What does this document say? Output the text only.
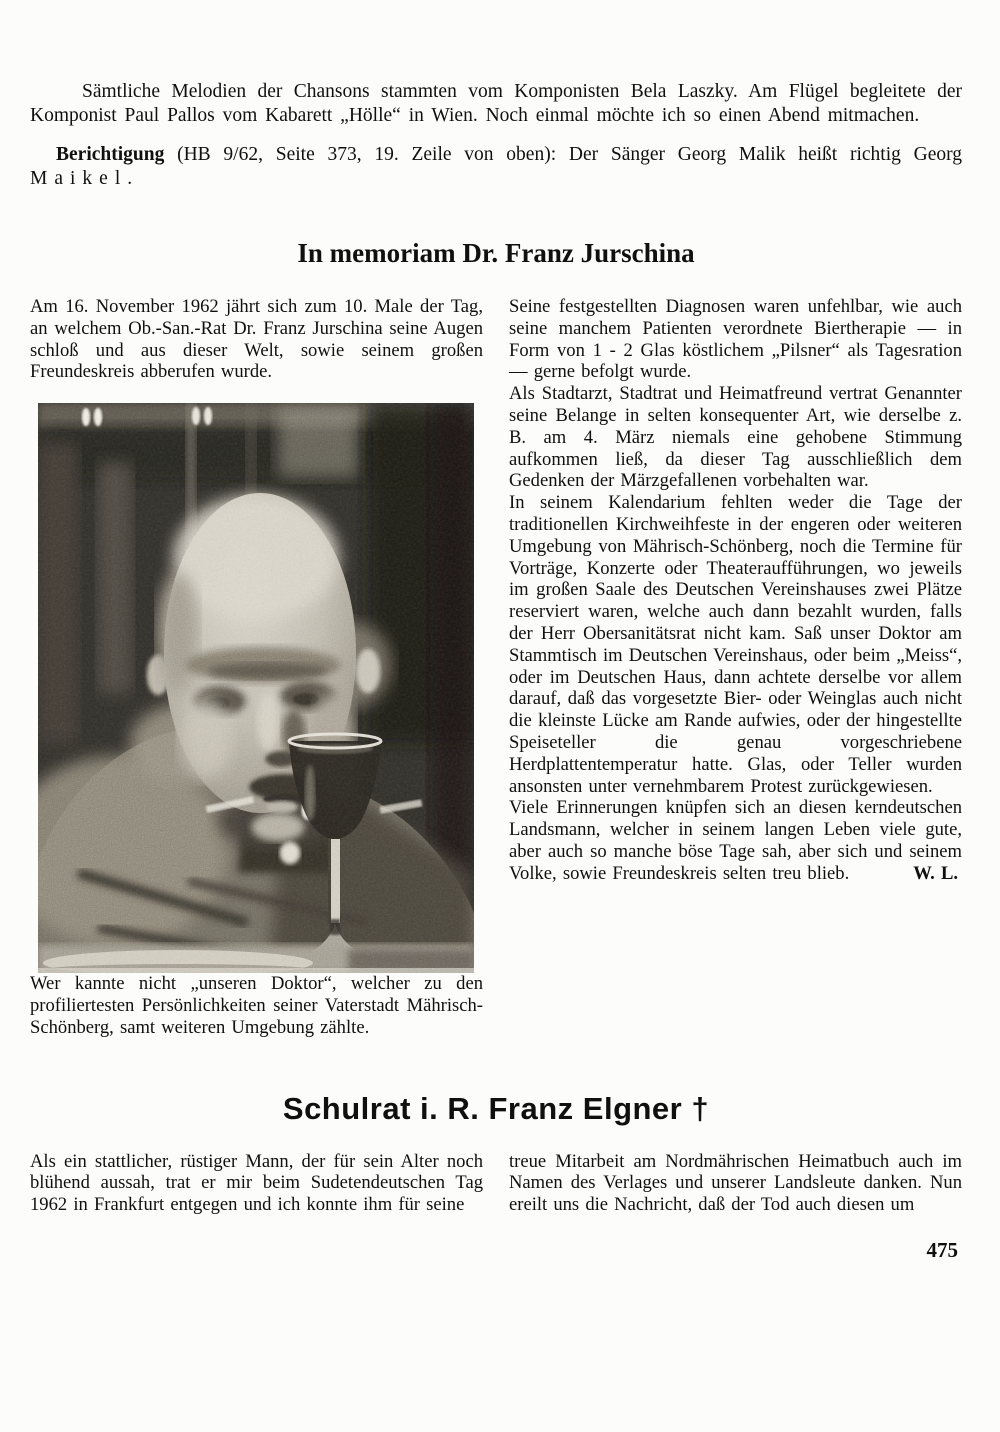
Sämtliche Melodien der Chansons stammten vom Komponisten Bela Laszky. Am Flügel begleitete der Komponist Paul Pallos vom Kabarett „Hölle“ in Wien. Noch einmal möchte ich so einen Abend mitmachen.

Berichtigung (HB 9/62, Seite 373, 19. Zeile von oben): Der Sänger Georg Malik heißt richtig Georg Maikel.

In memoriam Dr. Franz Jurschina

Am 16. November 1962 jährt sich zum 10. Male der Tag, an welchem Ob.-San.-Rat Dr. Franz Jurschina seine Augen schloß und aus dieser Welt, sowie seinem großen Freundeskreis abberufen wurde.

Wer kannte nicht „unseren Doktor“, welcher zu den profiliertesten Persönlichkeiten seiner Vaterstadt Mährisch-Schönberg, samt weiteren Umgebung zählte.

Seine festgestellten Diagnosen waren unfehlbar, wie auch seine manchem Patienten verordnete Biertherapie — in Form von 1 - 2 Glas köstlichem „Pilsner“ als Tagesration — gerne befolgt wurde.

Als Stadtarzt, Stadtrat und Heimatfreund vertrat Genannter seine Belange in selten konsequenter Art, wie derselbe z. B. am 4. März niemals eine gehobene Stimmung aufkommen ließ, da dieser Tag ausschließlich dem Gedenken der Märzgefallenen vorbehalten war.

In seinem Kalendarium fehlten weder die Tage der traditionellen Kirchweihfeste in der engeren oder weiteren Umgebung von Mährisch-Schönberg, noch die Termine für Vorträge, Konzerte oder Theateraufführungen, wo jeweils im großen Saale des Deutschen Vereinshauses zwei Plätze reserviert waren, welche auch dann bezahlt wurden, falls der Herr Obersanitätsrat nicht kam. Saß unser Doktor am Stammtisch im Deutschen Vereinshaus, oder beim „Meiss“, oder im Deutschen Haus, dann achtete derselbe vor allem darauf, daß das vorgesetzte Bier- oder Weinglas auch nicht die kleinste Lücke am Rande aufwies, oder der hingestellte Speiseteller die genau vorgeschriebene Herdplattentemperatur hatte. Glas, oder Teller wurden ansonsten unter vernehmbarem Protest zurückgewiesen.

Viele Erinnerungen knüpfen sich an diesen kerndeutschen Landsmann, welcher in seinem langen Leben viele gute, aber auch so manche böse Tage sah, aber sich und seinem Volke, sowie Freundeskreis selten treu blieb.	W. L.

Schulrat i. R. Franz Elgner †

Als ein stattlicher, rüstiger Mann, der für sein Alter noch blühend aussah, trat er mir beim Sudetendeutschen Tag 1962 in Frankfurt entgegen und ich konnte ihm für seine

treue Mitarbeit am Nordmährischen Heimatbuch auch im Namen des Verlages und unserer Landsleute danken. Nun ereilt uns die Nachricht, daß der Tod auch diesen um

475
